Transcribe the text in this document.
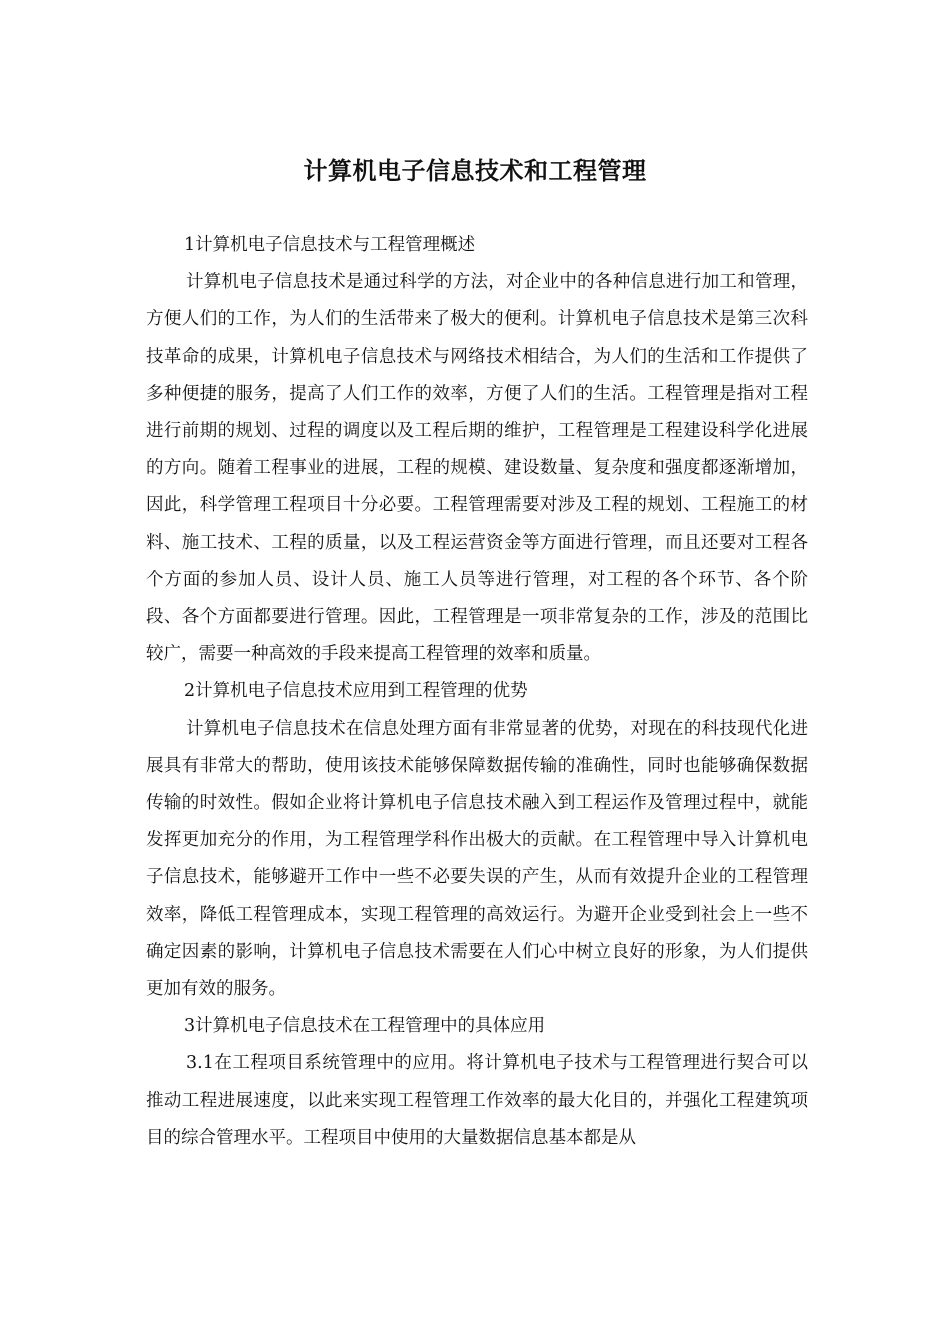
计算机电子信息技术和工程管理

1计算机电子信息技术与工程管理概述

计算机电子信息技术是通过科学的方法，对企业中的各种信息进行加工和管理，方便人们的工作，为人们的生活带来了极大的便利。计算机电子信息技术是第三次科技革命的成果，计算机电子信息技术与网络技术相结合，为人们的生活和工作提供了多种便捷的服务，提高了人们工作的效率，方便了人们的生活。工程管理是指对工程进行前期的规划、过程的调度以及工程后期的维护，工程管理是工程建设科学化进展的方向。随着工程事业的进展，工程的规模、建设数量、复杂度和强度都逐渐增加，因此，科学管理工程项目十分必要。工程管理需要对涉及工程的规划、工程施工的材料、施工技术、工程的质量，以及工程运营资金等方面进行管理，而且还要对工程各个方面的参加人员、设计人员、施工人员等进行管理，对工程的各个环节、各个阶段、各个方面都要进行管理。因此，工程管理是一项非常复杂的工作，涉及的范围比较广，需要一种高效的手段来提高工程管理的效率和质量。

2计算机电子信息技术应用到工程管理的优势

计算机电子信息技术在信息处理方面有非常显著的优势，对现在的科技现代化进展具有非常大的帮助，使用该技术能够保障数据传输的准确性，同时也能够确保数据传输的时效性。假如企业将计算机电子信息技术融入到工程运作及管理过程中，就能发挥更加充分的作用，为工程管理学科作出极大的贡献。在工程管理中导入计算机电子信息技术，能够避开工作中一些不必要失误的产生，从而有效提升企业的工程管理效率，降低工程管理成本，实现工程管理的高效运行。为避开企业受到社会上一些不确定因素的影响，计算机电子信息技术需要在人们心中树立良好的形象，为人们提供更加有效的服务。

3计算机电子信息技术在工程管理中的具体应用

3.1在工程项目系统管理中的应用。将计算机电子技术与工程管理进行契合可以推动工程进展速度，以此来实现工程管理工作效率的最大化目的，并强化工程建筑项目的综合管理水平。工程项目中使用的大量数据信息基本都是从
